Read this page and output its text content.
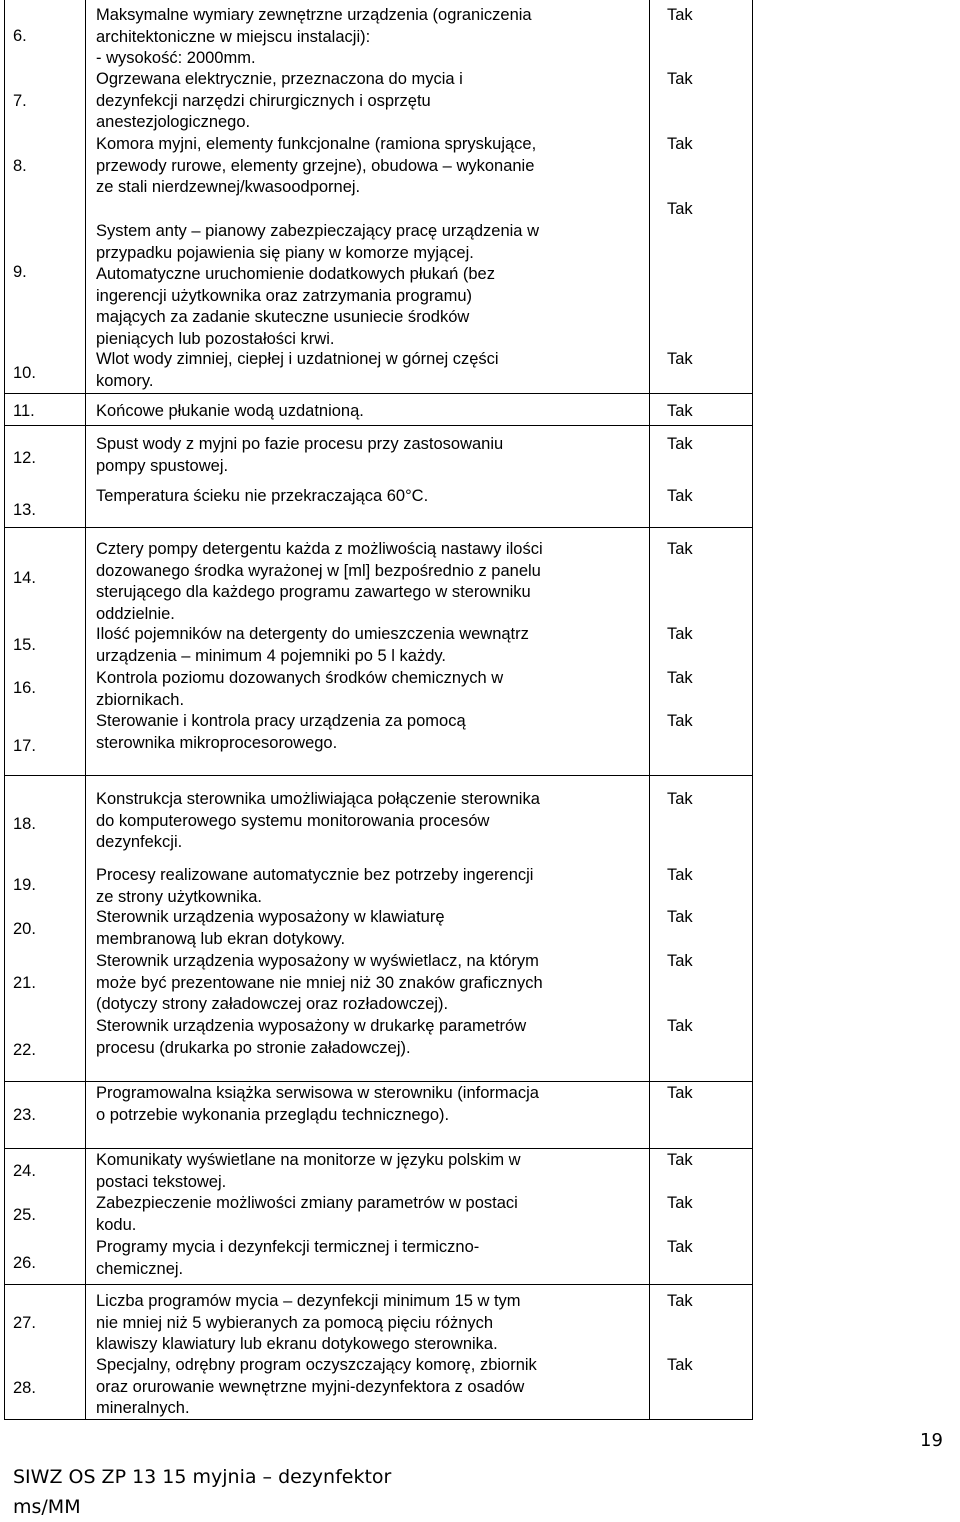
6.
Maksymalne wymiary zewnętrzne urządzenia (ograniczenia
architektoniczne w miejscu instalacji):
- wysokość: 2000mm.
Tak
7.
Ogrzewana elektrycznie, przeznaczona do mycia i
dezynfekcji narzędzi chirurgicznych i osprzętu
anestezjologicznego.
Tak
8.
Komora myjni, elementy funkcjonalne (ramiona spryskujące,
przewody rurowe, elementy grzejne), obudowa – wykonanie
ze stali nierdzewnej/kwasoodpornej.
Tak
9.
System anty – pianowy zabezpieczający pracę urządzenia w
przypadku pojawienia się piany w komorze myjącej.
Automatyczne uruchomienie dodatkowych płukań (bez
ingerencji użytkownika oraz zatrzymania programu)
mających za zadanie skuteczne usuniecie środków
pieniących lub pozostałości krwi.
Tak
10.
Wlot wody zimniej, ciepłej i uzdatnionej w górnej części
komory.
Tak
11.	Końcowe płukanie wodą uzdatnioną.	Tak
12.
Spust wody z myjni po fazie procesu przy zastosowaniu
pompy spustowej.
Tak
13.
Temperatura ścieku nie przekraczająca 60°C.	Tak
14.
Cztery pompy detergentu każda z możliwością nastawy ilości
dozowanego środka wyrażonej w [ml] bezpośrednio z panelu
sterującego dla każdego programu zawartego w sterowniku
oddzielnie.
Tak
15.
Ilość pojemników na detergenty do umieszczenia wewnątrz
urządzenia – minimum 4 pojemniki po 5 l każdy.
Tak
16.
Kontrola poziomu dozowanych środków chemicznych w
zbiornikach.
Tak
17.
Sterowanie i kontrola pracy urządzenia za pomocą
sterownika mikroprocesorowego.
Tak
18.
Konstrukcja sterownika umożliwiająca połączenie sterownika
do komputerowego systemu monitorowania procesów
dezynfekcji.
Tak
19.
Procesy realizowane automatycznie bez potrzeby ingerencji
ze strony użytkownika.
Tak
20.
Sterownik urządzenia wyposażony w klawiaturę
membranową lub ekran dotykowy.
Tak
21.
Sterownik urządzenia wyposażony w wyświetlacz, na którym
może być prezentowane nie mniej niż 30 znaków graficznych
(dotyczy strony załadowczej oraz rozładowczej).
Tak
22.
Sterownik urządzenia wyposażony w drukarkę parametrów
procesu (drukarka po stronie załadowczej).
Tak
23.
Programowalna książka serwisowa w sterowniku (informacja
o potrzebie wykonania przeglądu technicznego).
Tak
24.
Komunikaty wyświetlane na monitorze w języku polskim w
postaci tekstowej.
Tak
25.
Zabezpieczenie możliwości zmiany parametrów w postaci
kodu.
Tak
26.
Programy mycia i dezynfekcji termicznej i termiczno-
chemicznej.
Tak
27.
Liczba programów mycia – dezynfekcji minimum 15 w tym
nie mniej niż 5 wybieranych za pomocą pięciu różnych
klawiszy klawiatury lub ekranu dotykowego sterownika.
Tak
28.
Specjalny, odrębny program oczyszczający komorę, zbiornik
oraz orurowanie wewnętrzne myjni-dezynfektora z osadów
mineralnych.
Tak
SIWZ OS ZP 13 15 myjnia – dezynfektor
ms/MM
19
